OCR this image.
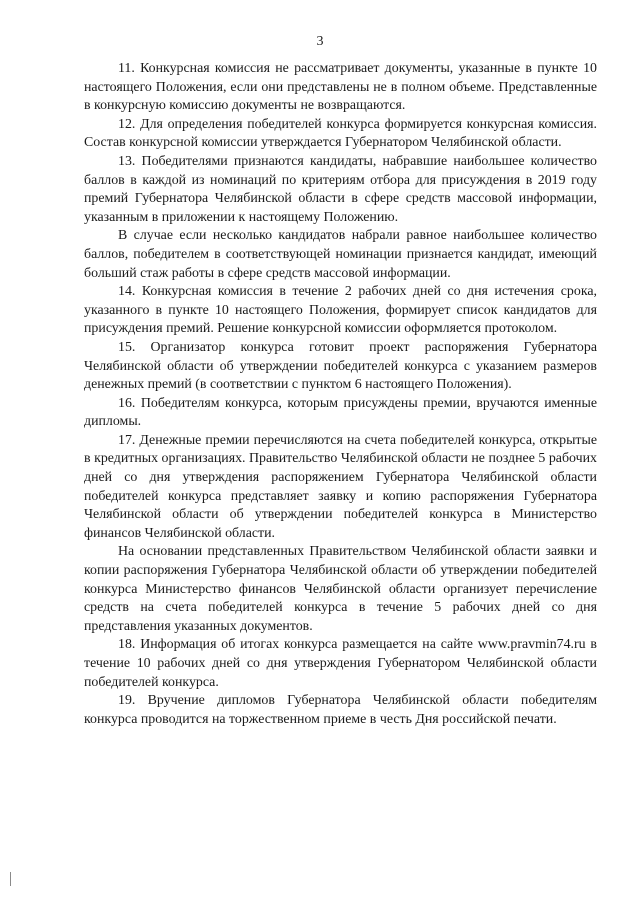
3

11. Конкурсная комиссия не рассматривает документы, указанные в пункте 10 настоящего Положения, если они представлены не в полном объеме. Представленные в конкурсную комиссию документы не возвращаются.

12. Для определения победителей конкурса формируется конкурсная комиссия. Состав конкурсной комиссии утверждается Губернатором Челябинской области.

13. Победителями признаются кандидаты, набравшие наибольшее количество баллов в каждой из номинаций по критериям отбора для присуждения в 2019 году премий Губернатора Челябинской области в сфере средств массовой информации, указанным в приложении к настоящему Положению.

В случае если несколько кандидатов набрали равное наибольшее количество баллов, победителем в соответствующей номинации признается кандидат, имеющий больший стаж работы в сфере средств массовой информации.

14. Конкурсная комиссия в течение 2 рабочих дней со дня истечения срока, указанного в пункте 10 настоящего Положения, формирует список кандидатов для присуждения премий. Решение конкурсной комиссии оформляется протоколом.

15. Организатор конкурса готовит проект распоряжения Губернатора Челябинской области об утверждении победителей конкурса с указанием размеров денежных премий (в соответствии с пунктом 6 настоящего Положения).

16. Победителям конкурса, которым присуждены премии, вручаются именные дипломы.

17. Денежные премии перечисляются на счета победителей конкурса, открытые в кредитных организациях. Правительство Челябинской области не позднее 5 рабочих дней со дня утверждения распоряжением Губернатора Челябинской области победителей конкурса представляет заявку и копию распоряжения Губернатора Челябинской области об утверждении победителей конкурса в Министерство финансов Челябинской области.

На основании представленных Правительством Челябинской области заявки и копии распоряжения Губернатора Челябинской области об утверждении победителей конкурса Министерство финансов Челябинской области организует перечисление средств на счета победителей конкурса в течение 5 рабочих дней со дня представления указанных документов.

18. Информация об итогах конкурса размещается на сайте www.pravmin74.ru в течение 10 рабочих дней со дня утверждения Губернатором Челябинской области победителей конкурса.

19. Вручение дипломов Губернатора Челябинской области победителям конкурса проводится на торжественном приеме в честь Дня российской печати.
